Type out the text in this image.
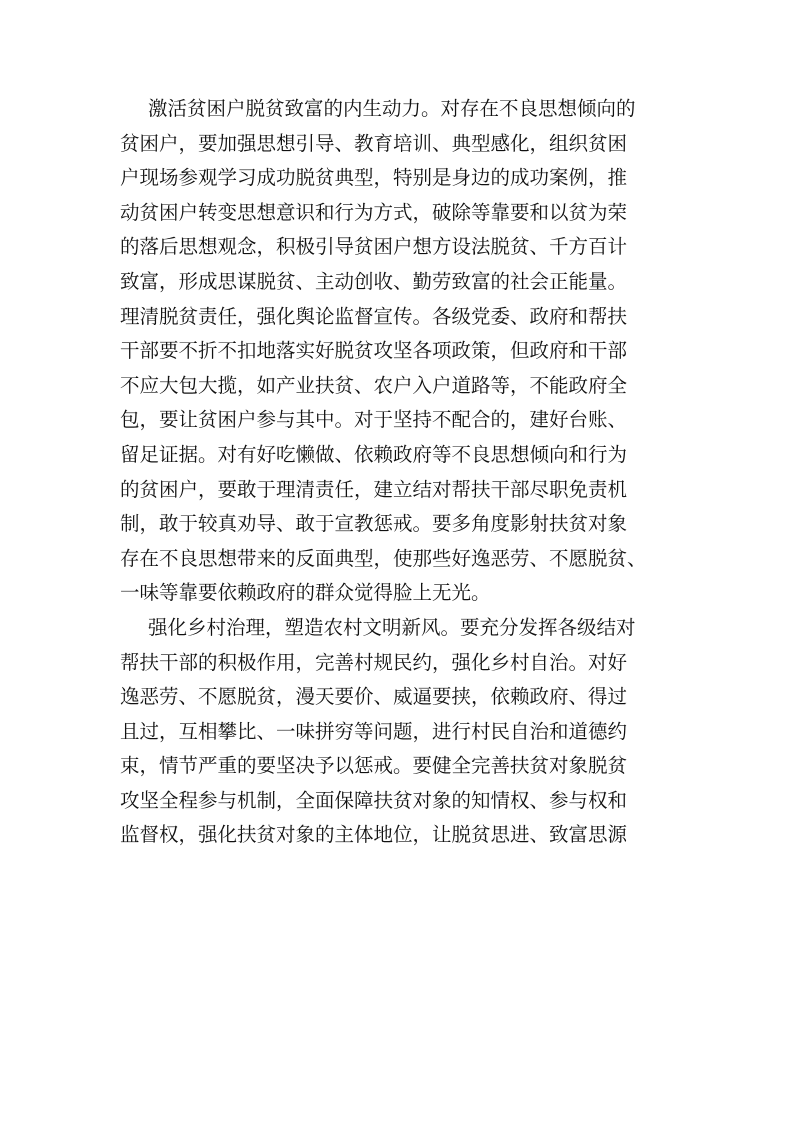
激活贫困户脱贫致富的内生动力。对存在不良思想倾向的
贫困户，要加强思想引导、教育培训、典型感化，组织贫困
户现场参观学习成功脱贫典型，特别是身边的成功案例，推
动贫困户转变思想意识和行为方式，破除等靠要和以贫为荣
的落后思想观念，积极引导贫困户想方设法脱贫、千方百计
致富，形成思谋脱贫、主动创收、勤劳致富的社会正能量。
理清脱贫责任，强化舆论监督宣传。各级党委、政府和帮扶
干部要不折不扣地落实好脱贫攻坚各项政策，但政府和干部
不应大包大揽，如产业扶贫、农户入户道路等，不能政府全
包，要让贫困户参与其中。对于坚持不配合的，建好台账、
留足证据。对有好吃懒做、依赖政府等不良思想倾向和行为
的贫困户，要敢于理清责任，建立结对帮扶干部尽职免责机
制，敢于较真劝导、敢于宣教惩戒。要多角度影射扶贫对象
存在不良思想带来的反面典型，使那些好逸恶劳、不愿脱贫、
一味等靠要依赖政府的群众觉得脸上无光。
强化乡村治理，塑造农村文明新风。要充分发挥各级结对
帮扶干部的积极作用，完善村规民约，强化乡村自治。对好
逸恶劳、不愿脱贫，漫天要价、威逼要挟，依赖政府、得过
且过，互相攀比、一味拼穷等问题，进行村民自治和道德约
束，情节严重的要坚决予以惩戒。要健全完善扶贫对象脱贫
攻坚全程参与机制，全面保障扶贫对象的知情权、参与权和
监督权，强化扶贫对象的主体地位，让脱贫思进、致富思源
